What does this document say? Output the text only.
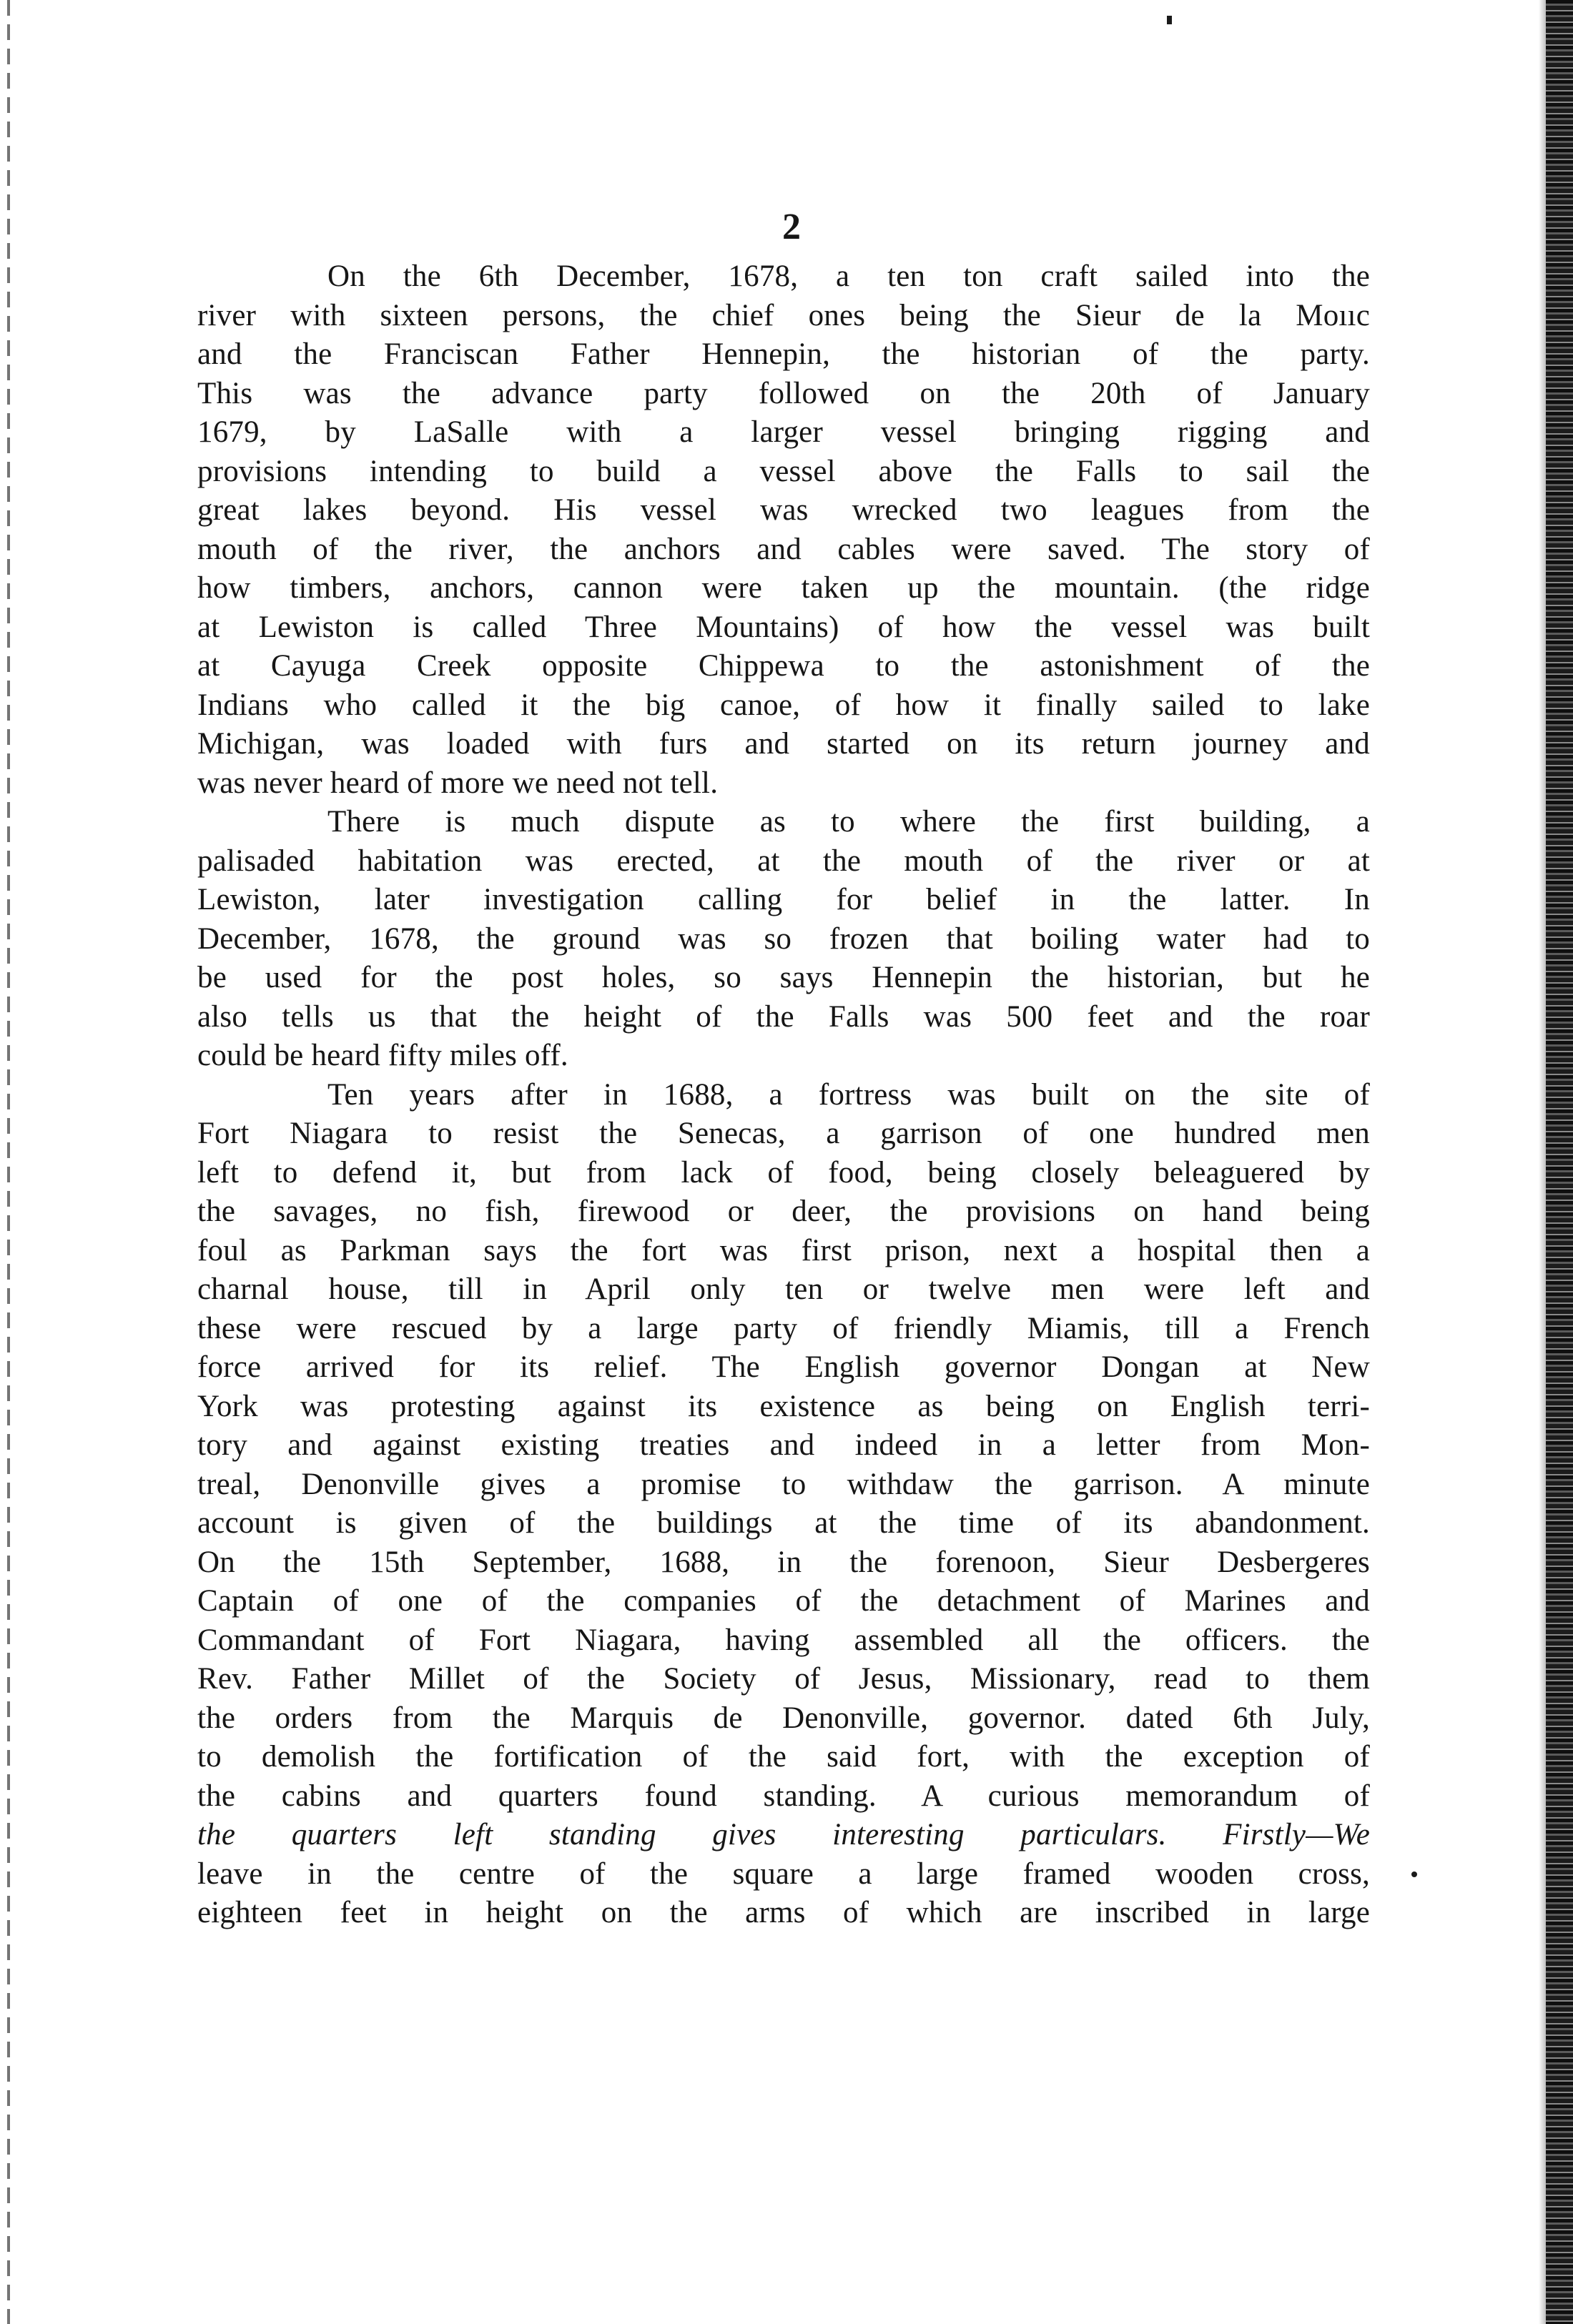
2
On the 6th December, 1678, a ten ton craft sailed into the
river with sixteen persons, the chief ones being the Sieur de la Moııc
and the Franciscan Father Hennepin, the historian of the party.
This was the advance party followed on the 20th of January
1679, by LaSalle with a larger vessel bringing rigging and
provisions intending to build a vessel above the Falls to sail the
great lakes beyond. His vessel was wrecked two leagues from the
mouth of the river, the anchors and cables were saved. The story of
how timbers, anchors, cannon were taken up the mountain. (the ridge
at Lewiston is called Three Mountains) of how the vessel was built
at Cayuga Creek opposite Chippewa to the astonishment of the
Indians who called it the big canoe, of how it finally sailed to lake
Michigan, was loaded with furs and started on its return journey and
was never heard of more we need not tell.
There is much dispute as to where the first building, a
palisaded habitation was erected, at the mouth of the river or at
Lewiston, later investigation calling for belief in the latter. In
December, 1678, the ground was so frozen that boiling water had to
be used for the post holes, so says Hennepin the historian, but he
also tells us that the height of the Falls was 500 feet and the roar
could be heard fifty miles off.
Ten years after in 1688, a fortress was built on the site of
Fort Niagara to resist the Senecas, a garrison of one hundred men
left to defend it, but from lack of food, being closely beleaguered by
the savages, no fish, firewood or deer, the provisions on hand being
foul as Parkman says the fort was first prison, next a hospital then a
charnal house, till in April only ten or twelve men were left and
these were rescued by a large party of friendly Miamis, till a French
force arrived for its relief. The English governor Dongan at New
York was protesting against its existence as being on English terri-
tory and against existing treaties and indeed in a letter from Mon-
treal, Denonville gives a promise to withdaw the garrison. A minute
account is given of the buildings at the time of its abandonment.
On the 15th September, 1688, in the forenoon, Sieur Desbergeres
Captain of one of the companies of the detachment of Marines and
Commandant of Fort Niagara, having assembled all the officers. the
Rev. Father Millet of the Society of Jesus, Missionary, read to them
the orders from the Marquis de Denonville, governor. dated 6th July,
to demolish the fortification of the said fort, with the exception of
the cabins and quarters found standing. A curious memorandum of
the quarters left standing gives interesting particulars. Firstly—We
leave in the centre of the square a large framed wooden cross,
eighteen feet in height on the arms of which are inscribed in large
